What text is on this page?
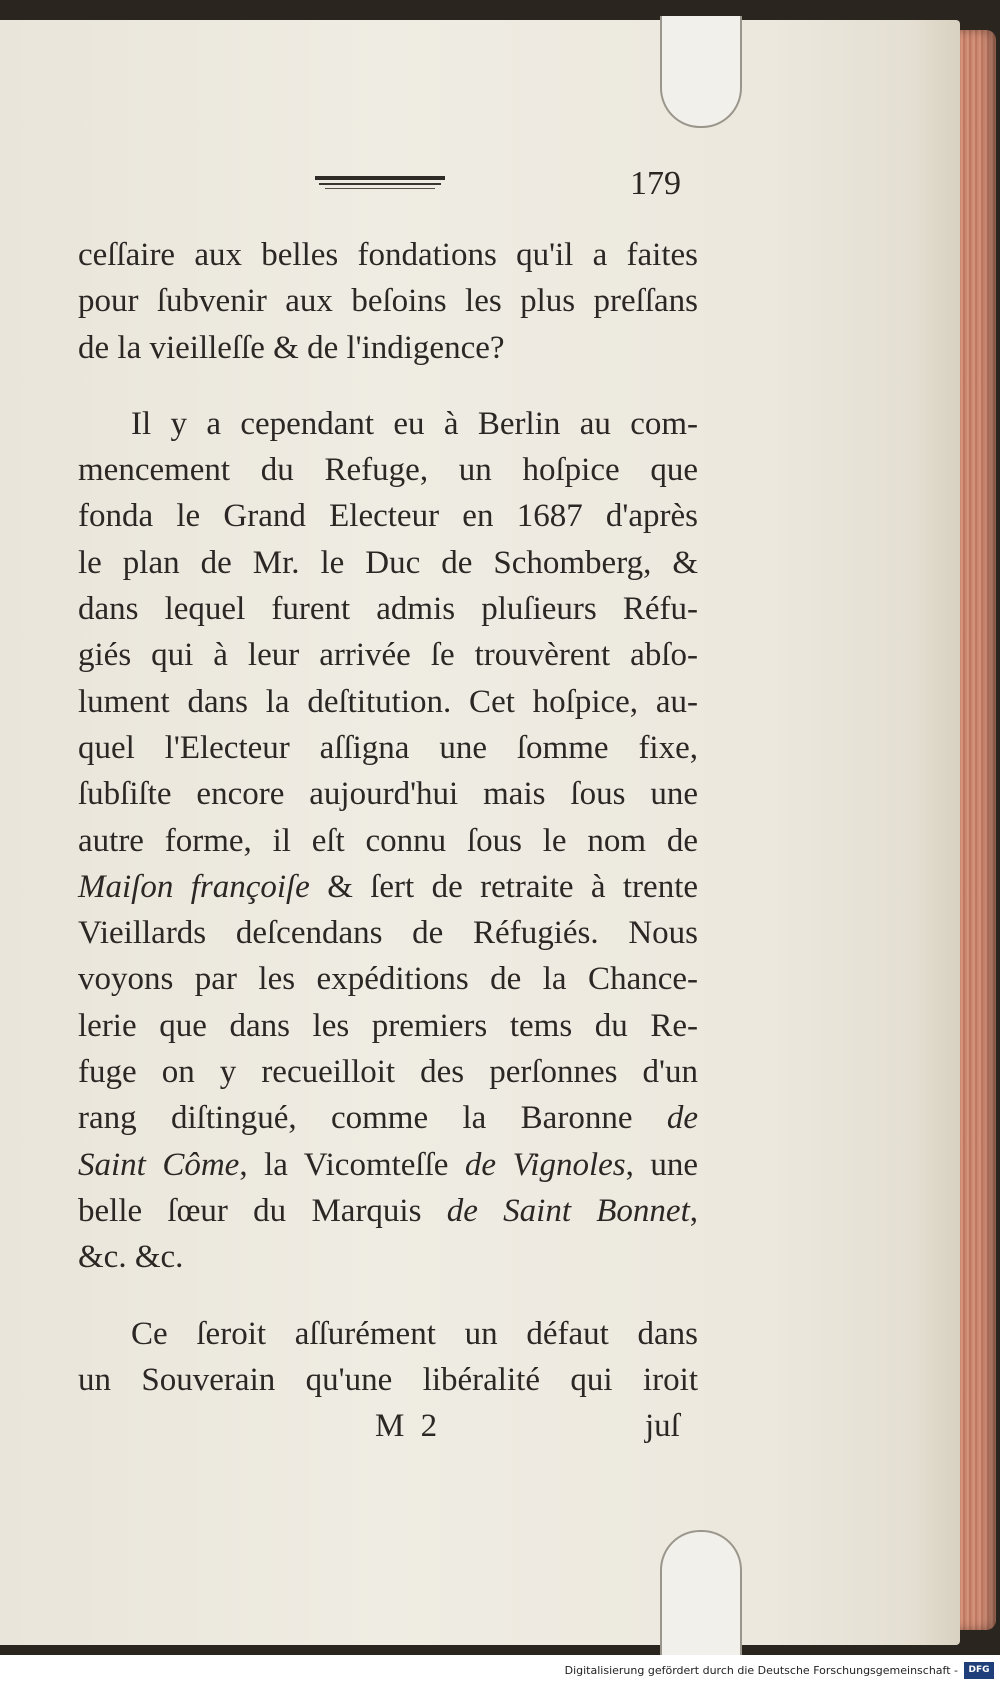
179
ceſſaire aux belles fondations qu'il a faites
pour ſubvenir aux beſoins les plus preſſans
de la vieilleſſe & de l'indigence?
Il y a cependant eu à Berlin au com-
mencement du Refuge, un hoſpice que
fonda le Grand Electeur en 1687 d'après
le plan de Mr. le Duc de Schomberg, &
dans lequel furent admis pluſieurs Réfu-
giés qui à leur arrivée ſe trouvèrent abſo-
lument dans la deſtitution. Cet hoſpice, au-
quel l'Electeur aſſigna une ſomme fixe,
ſubſiſte encore aujourd'hui mais ſous une
autre forme, il eſt connu ſous le nom de
Maiſon françoiſe & ſert de retraite à trente
Vieillards deſcendans de Réfugiés. Nous
voyons par les expéditions de la Chance-
lerie que dans les premiers tems du Re-
fuge on y recueilloit des perſonnes d'un
rang diſtingué, comme la Baronne de
Saint Côme, la Vicomteſſe de Vignoles, une
belle ſœur du Marquis de Saint Bonnet,
&c. &c.
Ce ſeroit aſſurément un défaut dans
un Souverain qu'une libéralité qui iroit
M 2	juſ
Digitalisierung gefördert durch die Deutsche Forschungsgemeinschaft -	DFG
